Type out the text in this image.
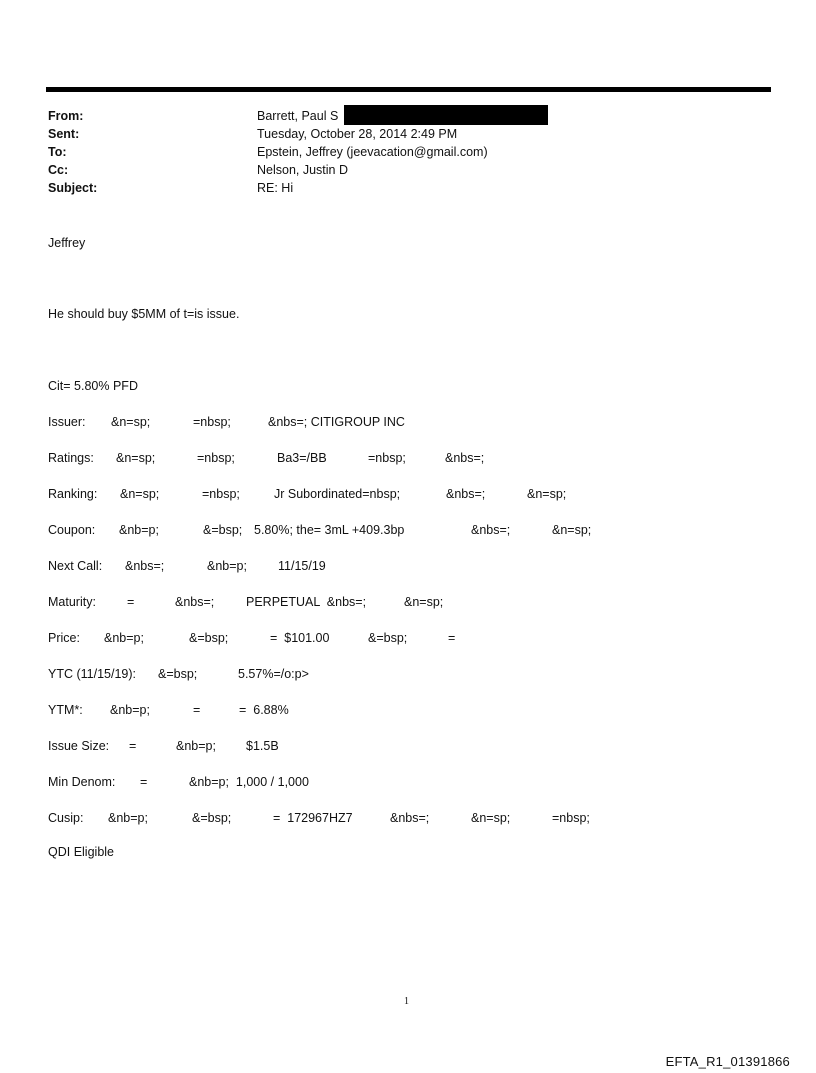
From:	Barrett, Paul S
Sent:	Tuesday, October 28, 2014 2:49 PM
To:	Epstein, Jeffrey (jeevacation@gmail.com)
Cc:	Nelson, Justin D
Subject:	RE: Hi
Jeffrey
He should buy $5MM of t=is issue.
Cit= 5.80% PFD
Issuer: &n=sp;	=nbsp;	&nbs=; CITIGROUP INC
Ratings: &n=sp;	=nbsp;	Ba3=/BB	=nbsp;	&nbs=;
Ranking: &n=sp;	=nbsp;	Jr Subordinated=nbsp;	&nbs=;	&n=sp;
Coupon: &nb=p;	&=bsp; 5.80%; the= 3mL +409.3bp	&nbs=;	&n=sp;
Next Call: &nbs=;	&nb=p; 11/15/19
Maturity: =	&nbs=;	PERPETUAL  &nbs=;	&n=sp;
Price: &nb=p;	&=bsp;	=  $101.00	&=bsp;	=
YTC (11/15/19): &=bsp;	5.57%=/o:p>
YTM*: &nb=p;	=	=  6.88%
Issue Size: =	&nb=p; $1.5B
Min Denom: =	&nb=p;  1,000 / 1,000
Cusip: &nb=p;	&=bsp;	=  172967HZ7	&nbs=;	&n=sp;	=nbsp;
QDI Eligible
1
EFTA_R1_01391866
